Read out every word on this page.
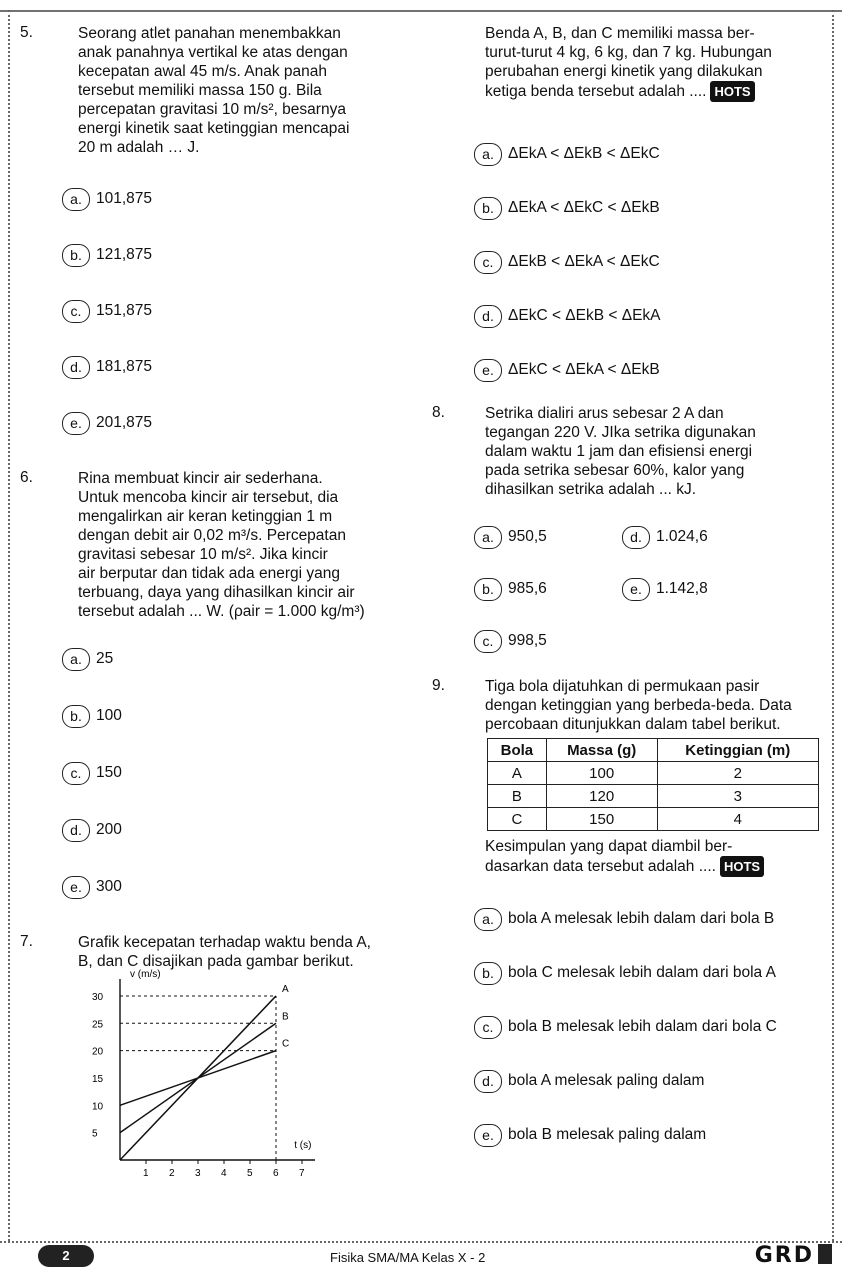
5.	Seorang atlet panahan menembakkan
anak panahnya vertikal ke atas dengan
kecepatan awal 45 m/s. Anak panah
tersebut memiliki massa 150 g. Bila
percepatan gravitasi 10 m/s², besarnya
energi kinetik saat ketinggian mencapai
20 m adalah … J.
a. 101,875
b. 121,875
c. 151,875
d. 181,875
e. 201,875
6.	Rina membuat kincir air sederhana.
Untuk mencoba kincir air tersebut, dia
mengalirkan air keran ketinggian 1 m
dengan debit air 0,02 m³/s. Percepatan
gravitasi sebesar 10 m/s². Jika kincir
air berputar dan tidak ada energi yang
terbuang, daya yang dihasilkan kincir air
tersebut adalah ... W. (ρair = 1.000 kg/m³)
a. 25
b. 100
c. 150
d. 200
e. 300
7.	Grafik kecepatan terhadap waktu benda A,
B, dan C disajikan pada gambar berikut.
v (m/s)
t (s)
5
10
15
20
25
30
1 2 3 4 5 6 7
A
B
C
Benda A, B, dan C memiliki massa ber-
turut-turut 4 kg, 6 kg, dan 7 kg. Hubungan
perubahan energi kinetik yang dilakukan
ketiga benda tersebut adalah .... HOTS
a. ΔEkA < ΔEkB < ΔEkC
b. ΔEkA < ΔEkC < ΔEkB
c. ΔEkB < ΔEkA < ΔEkC
d. ΔEkC < ΔEkB < ΔEkA
e. ΔEkC < ΔEkA < ΔEkB
8.	Setrika dialiri arus sebesar 2 A dan
tegangan 220 V. JIka setrika digunakan
dalam waktu 1 jam dan efisiensi energi
pada setrika sebesar 60%, kalor yang
dihasilkan setrika adalah ... kJ.
a. 950,5
b. 985,6
c. 998,5
d. 1.024,6
e. 1.142,8
9.	Tiga bola dijatuhkan di permukaan pasir
dengan ketinggian yang berbeda-beda. Data
percobaan ditunjukkan dalam tabel berikut.
Bola	Massa (g)	Ketinggian (m)
A	100	2
B	120	3
C	150	4
Kesimpulan yang dapat diambil ber-
dasarkan data tersebut adalah .... HOTS
a. bola A melesak lebih dalam dari bola B
b. bola C melesak lebih dalam dari bola A
c. bola B melesak lebih dalam dari bola C
d. bola A melesak paling dalam
e. bola B melesak paling dalam
2	Fisika SMA/MA Kelas X - 2	GRD
